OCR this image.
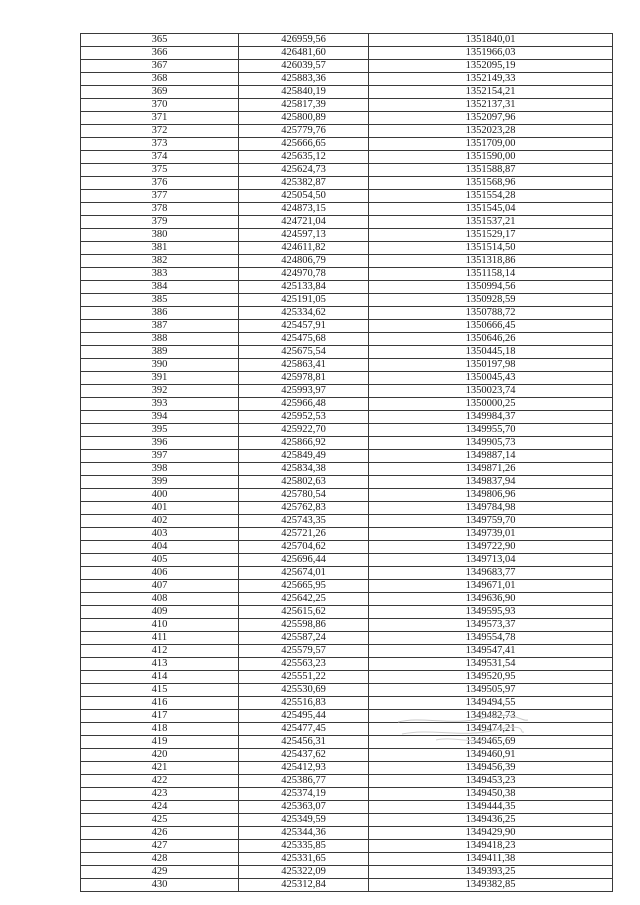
365	426959,56	1351840,01
366	426481,60	1351966,03
367	426039,57	1352095,19
368	425883,36	1352149,33
369	425840,19	1352154,21
370	425817,39	1352137,31
371	425800,89	1352097,96
372	425779,76	1352023,28
373	425666,65	1351709,00
374	425635,12	1351590,00
375	425624,73	1351588,87
376	425382,87	1351568,96
377	425054,50	1351554,28
378	424873,15	1351545,04
379	424721,04	1351537,21
380	424597,13	1351529,17
381	424611,82	1351514,50
382	424806,79	1351318,86
383	424970,78	1351158,14
384	425133,84	1350994,56
385	425191,05	1350928,59
386	425334,62	1350788,72
387	425457,91	1350666,45
388	425475,68	1350646,26
389	425675,54	1350445,18
390	425863,41	1350197,98
391	425978,81	1350045,43
392	425993,97	1350023,74
393	425966,48	1350000,25
394	425952,53	1349984,37
395	425922,70	1349955,70
396	425866,92	1349905,73
397	425849,49	1349887,14
398	425834,38	1349871,26
399	425802,63	1349837,94
400	425780,54	1349806,96
401	425762,83	1349784,98
402	425743,35	1349759,70
403	425721,26	1349739,01
404	425704,62	1349722,90
405	425696,44	1349713,04
406	425674,01	1349683,77
407	425665,95	1349671,01
408	425642,25	1349636,90
409	425615,62	1349595,93
410	425598,86	1349573,37
411	425587,24	1349554,78
412	425579,57	1349547,41
413	425563,23	1349531,54
414	425551,22	1349520,95
415	425530,69	1349505,97
416	425516,83	1349494,55
417	425495,44	1349482,73
418	425477,45	1349474,21
419	425456,31	1349465,69
420	425437,62	1349460,91
421	425412,93	1349456,39
422	425386,77	1349453,23
423	425374,19	1349450,38
424	425363,07	1349444,35
425	425349,59	1349436,25
426	425344,36	1349429,90
427	425335,85	1349418,23
428	425331,65	1349411,38
429	425322,09	1349393,25
430	425312,84	1349382,85
